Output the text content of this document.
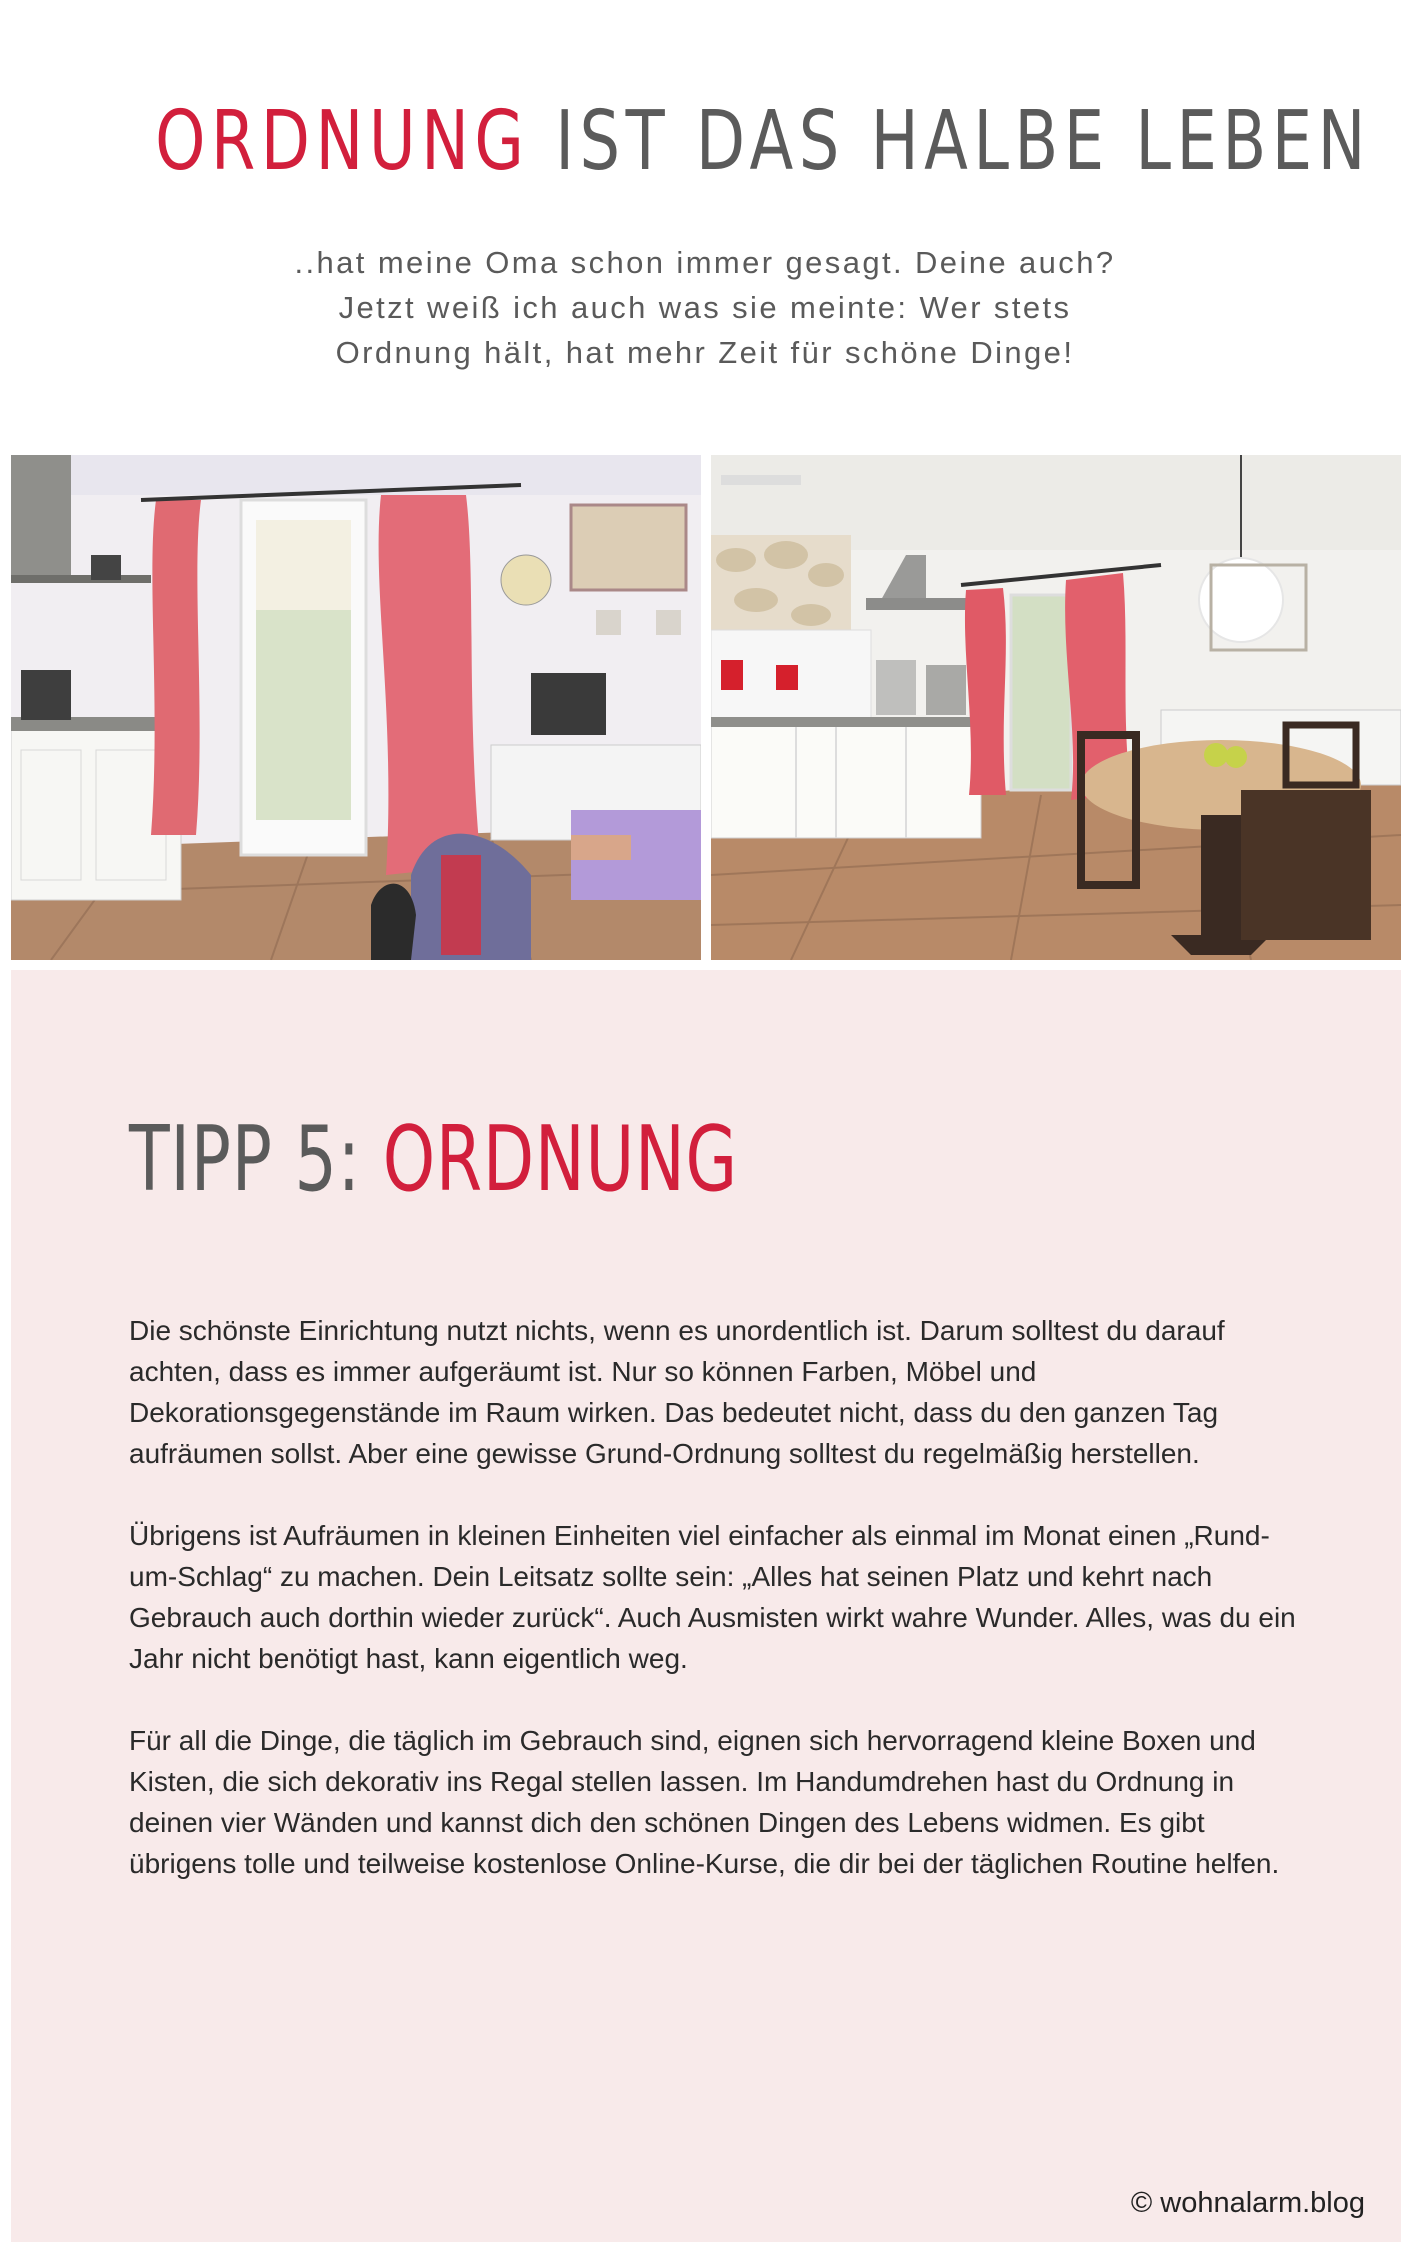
ORDNUNG IST DAS HALBE LEBEN

..hat meine Oma schon immer gesagt. Deine auch?

Jetzt weiß ich auch was sie meinte: Wer stets

Ordnung hält, hat mehr Zeit für schöne Dinge!

TIPP 5: ORDNUNG

Die schönste Einrichtung nutzt nichts, wenn es unordentlich ist. Darum solltest du darauf achten, dass es immer aufgeräumt ist. Nur so können Farben, Möbel und Dekorationsgegenstände im Raum wirken. Das bedeutet nicht, dass du den ganzen Tag aufräumen sollst. Aber eine gewisse Grund-Ordnung solltest du regelmäßig herstellen.

Übrigens ist Aufräumen in kleinen Einheiten viel einfacher als einmal im Monat einen „Rund-um-Schlag“ zu machen. Dein Leitsatz sollte sein: „Alles hat seinen Platz und kehrt nach Gebrauch auch dorthin wieder zurück“. Auch Ausmisten wirkt wahre Wunder. Alles, was du ein Jahr nicht benötigt hast, kann eigentlich weg.

Für all die Dinge, die täglich im Gebrauch sind, eignen sich hervorragend kleine Boxen und Kisten, die sich dekorativ ins Regal stellen lassen. Im Handumdrehen hast du Ordnung in deinen vier Wänden und kannst dich den schönen Dingen des Lebens widmen. Es gibt übrigens tolle und teilweise kostenlose Online-Kurse, die dir bei der täglichen Routine helfen.

© wohnalarm.blog
